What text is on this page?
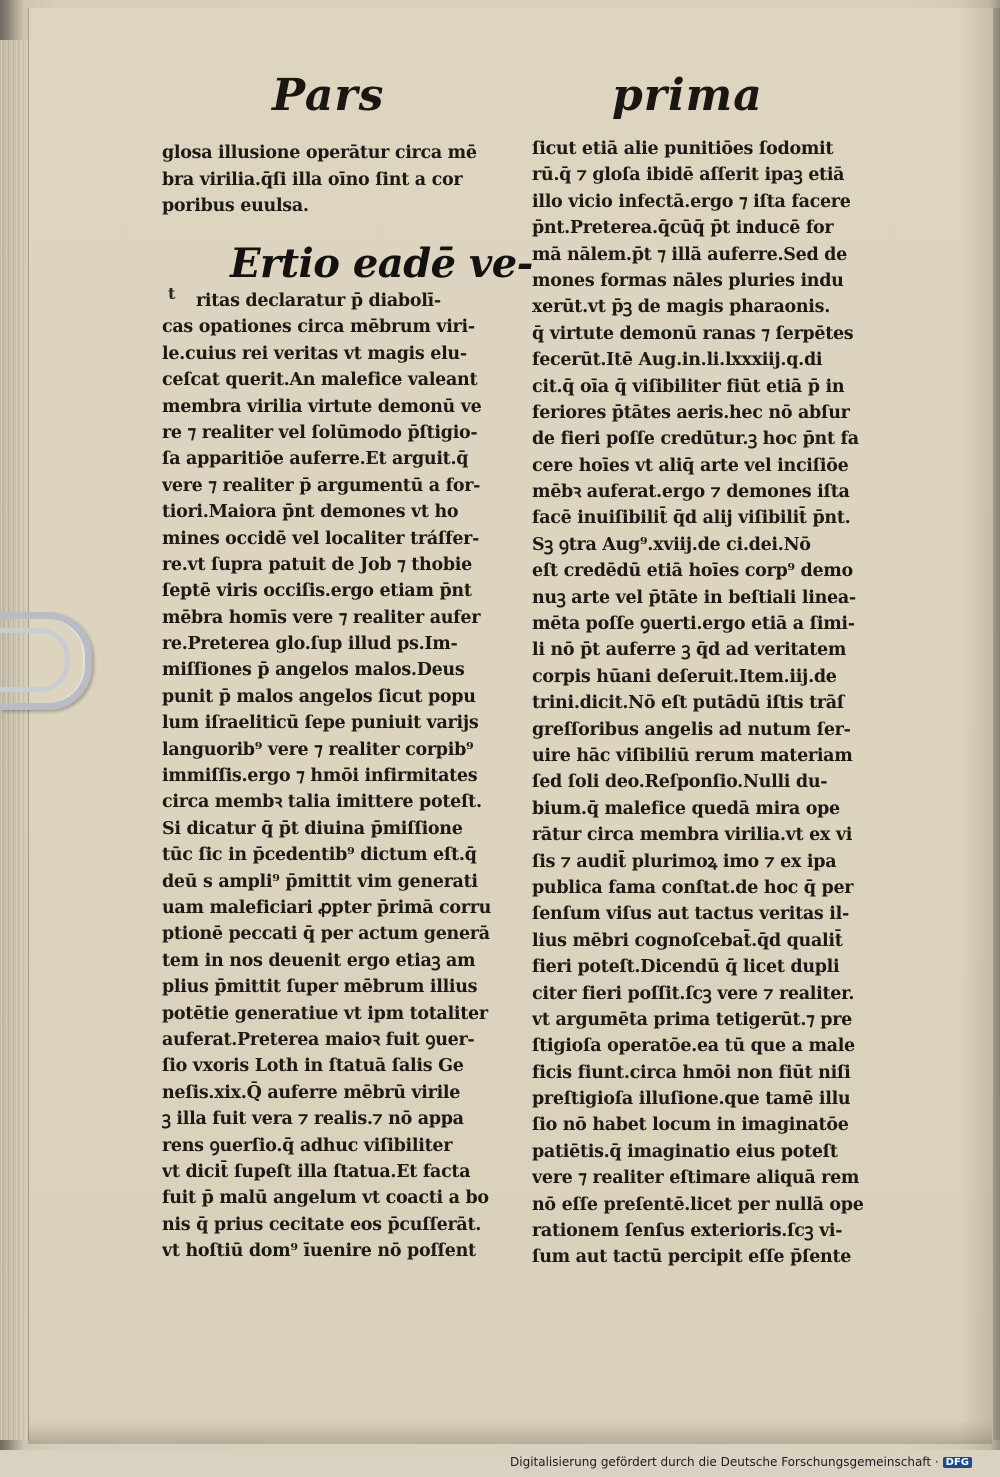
Pars	prima
glosa illusione operātur circa mē
bra virilia.q̄ſi illa oīno ſint a cor
poribus euulsa.
Ertio eadē ve-
t	ritas declaratur p̄ diabolī-
cas opationes circa mēbrum viri-
le.cuius rei veritas vt magis elu-
ceſcat querit.An malefice valeant
membra virilia virtute demonū ve
re ⁊ realiter vel ſolūmodo p̄ſtigio-
ſa apparitiōe auferre.Et arguit.q̄
vere ⁊ realiter p̄ argumentū a for-
tiori.Maiora p̄nt demones vt ho
mines occidē vel localiter tráſfer-
re.vt ſupra patuit de Job ⁊ thobie
ſeptē viris occiſis.ergo etiam p̄nt
mēbra homīs vere ⁊ realiter aufer
re.Preterea glo.ſup illud ps.Im-
miſſiones p̄ angelos malos.Deus
punit p̄ malos angelos ſicut popu
lum iſraeliticū ſepe puniuit varijs
languorib⁹ vere ⁊ realiter corpib⁹
immiſſis.ergo ⁊ hmōi infirmitates
circa membꝛ talia imittere poteſt.
Si dicatur q̄ p̄t diuina p̄miſſione
tūc ſic in p̄cedentib⁹ dictum eſt.q̄
deū s ampli⁹ p̄mittit vim generati
uam maleficiari ꝓpter p̄rimā corru
ptionē peccati q̄ per actum generā
tem in nos deuenit ergo etiaꝫ am
plius p̄mittit ſuper mēbrum illius
potētie generatiue vt ipm totaliter
auferat.Preterea maioꝛ fuit ꝯuer-
ſio vxoris Loth in ſtatuā ſalis Ge
neſis.xix.Q̄ auferre mēbrū virile
ꝫ illa fuit vera ⁊ realis.⁊ nō appa
rens ꝯuerſio.q̄ adhuc viſibiliter
vt dicit̄ ſupeſt illa ſtatua.Et facta
fuit p̄ malū angelum vt coacti a bo
nis q̄ prius cecitate eos p̄cuſſerāt.
vt hoſtiū dom⁹ īuenire nō poſſent
ſicut etiā alie punitiōes ſodomit
rū.q̄ ⁊ gloſa ibidē aſſerit ipaꝫ etiā
illo vicio infectā.ergo ⁊ iſta facere
p̄nt.Preterea.q̄cūq̄ p̄t inducē for
mā nālem.p̄t ⁊ illā auferre.Sed de
mones formas nāles pluries indu
xerūt.vt p̄ꝫ de magis pharaonis.
q̄ virtute demonū ranas ⁊ ſerpētes
fecerūt.Itē Aug.in.li.lxxxiij.q.di
cit.q̄ oīa q̄ viſibiliter fiūt etiā p̄ in
feriores p̄tātes aeris.hec nō abſur
de fieri poſſe credūtur.ꝫ hoc p̄nt fa
cere hoīes vt aliq̄ arte vel inciſiōe
mēbꝛ auferat.ergo ⁊ demones iſta
facē inuiſibilit̄ q̄d alij viſibilit̄ p̄nt.
Sꝫ ꝯtra Aug⁹.xviij.de ci.dei.Nō
eſt credēdū etiā hoīes corp⁹ demo
nuꝫ arte vel p̄tāte in beſtiali linea-
mēta poſſe ꝯuerti.ergo etiā a ſimi-
li nō p̄t auferre ꝫ q̄d ad veritatem
corpis hūani deſeruit.Item.iij.de
trini.dicit.Nō eſt putādū iſtis trāſ
greſſoribus angelis ad nutum ſer-
uire hāc viſibiliū rerum materiam
ſed ſoli deo.Reſponſio.Nulli du-
bium.q̄ malefice quedā mira ope
rātur circa membra virilia.vt ex vi
ſis ⁊ audit̄ plurimoꝝ imo ⁊ ex ipa
publica fama conſtat.de hoc q̄ per
ſenſum viſus aut tactus veritas il-
lius mēbri cognoſcebat̄.q̄d qualit̄
fieri poteſt.Dicendū q̄ licet dupli
citer fieri poſſit.ſcꝫ vere ⁊ realiter.
vt argumēta prima tetigerūt.⁊ pre
ſtigioſa operatōe.ea tū que a male
ficis fiunt.circa hmōi non fiūt niſi
preſtigioſa illuſione.que tamē illu
ſio nō habet locum in imaginatōe
patiētis.q̄ imaginatio eius poteſt
vere ⁊ realiter eſtimare aliquā rem
nō eſſe preſentē.licet per nullā ope
rationem ſenſus exterioris.ſcꝫ vi-
ſum aut tactū percipit eſſe p̄ſente
Digitalisierung gefördert durch die Deutsche Forschungsgemeinschaft · DFG
